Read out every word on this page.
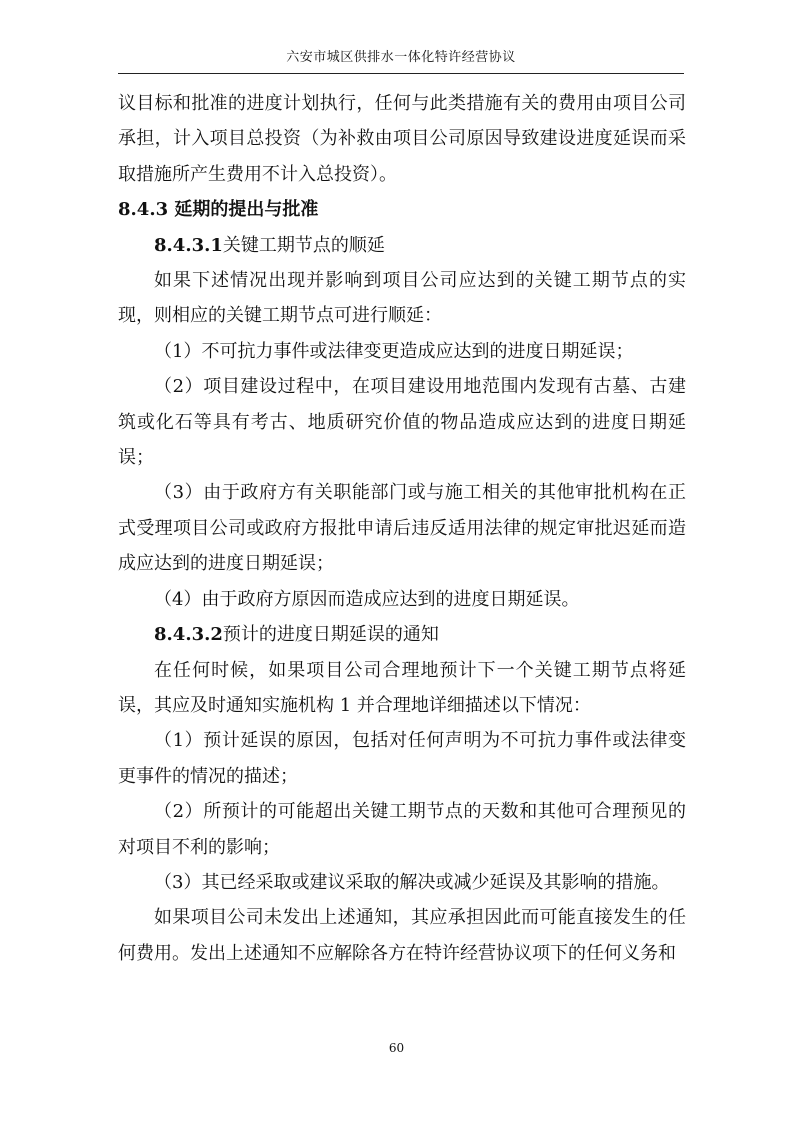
六安市城区供排水一体化特许经营协议

议目标和批准的进度计划执行，任何与此类措施有关的费用由项目公司承担，计入项目总投资（为补救由项目公司原因导致建设进度延误而采取措施所产生费用不计入总投资）。

8.4.3 延期的提出与批准

8.4.3.1关键工期节点的顺延

如果下述情况出现并影响到项目公司应达到的关键工期节点的实现，则相应的关键工期节点可进行顺延：

（1）不可抗力事件或法律变更造成应达到的进度日期延误；

（2）项目建设过程中，在项目建设用地范围内发现有古墓、古建筑或化石等具有考古、地质研究价值的物品造成应达到的进度日期延误；

（3）由于政府方有关职能部门或与施工相关的其他审批机构在正式受理项目公司或政府方报批申请后违反适用法律的规定审批迟延而造成应达到的进度日期延误；

（4）由于政府方原因而造成应达到的进度日期延误。

8.4.3.2预计的进度日期延误的通知

在任何时候，如果项目公司合理地预计下一个关键工期节点将延误，其应及时通知实施机构 1 并合理地详细描述以下情况：

（1）预计延误的原因，包括对任何声明为不可抗力事件或法律变更事件的情况的描述；

（2）所预计的可能超出关键工期节点的天数和其他可合理预见的对项目不利的影响；

（3）其已经采取或建议采取的解决或减少延误及其影响的措施。

如果项目公司未发出上述通知，其应承担因此而可能直接发生的任何费用。发出上述通知不应解除各方在特许经营协议项下的任何义务和

60
